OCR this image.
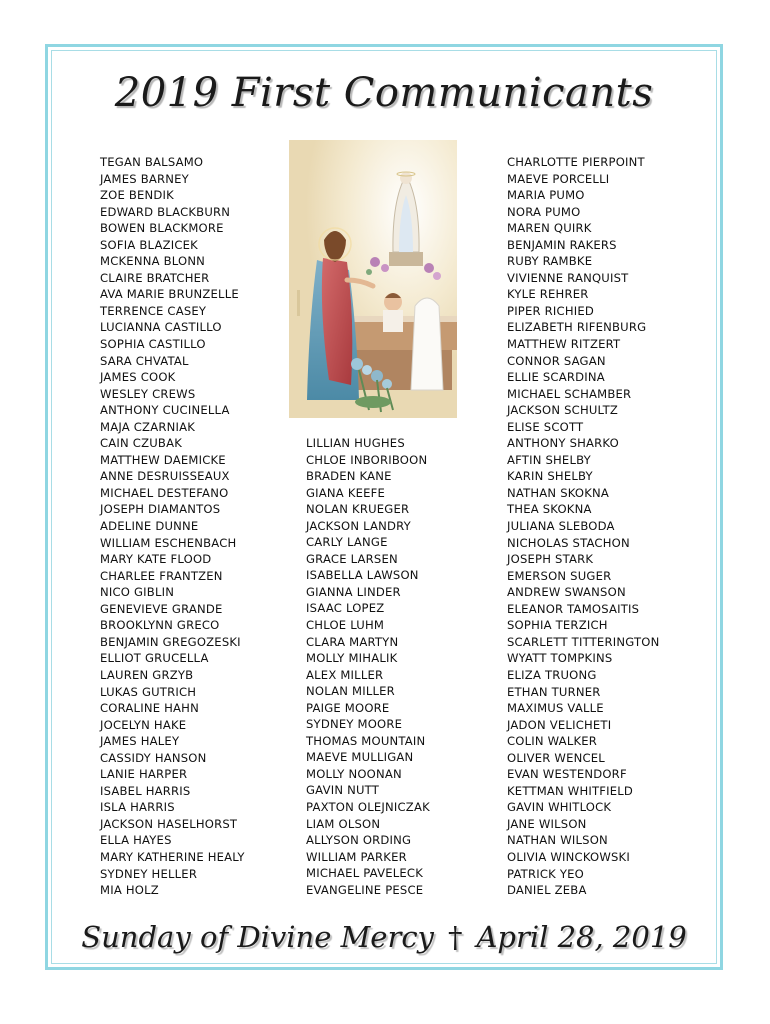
2019 First Communicants
TEGAN BALSAMO
JAMES BARNEY
ZOE BENDIK
EDWARD BLACKBURN
BOWEN BLACKMORE
SOFIA BLAZICEK
MCKENNA BLONN
CLAIRE BRATCHER
AVA MARIE BRUNZELLE
TERRENCE CASEY
LUCIANNA CASTILLO
SOPHIA CASTILLO
SARA CHVATAL
JAMES COOK
WESLEY CREWS
ANTHONY CUCINELLA
MAJA CZARNIAK
CAIN CZUBAK
MATTHEW DAEMICKE
ANNE DESRUISSEAUX
MICHAEL DESTEFANO
JOSEPH DIAMANTOS
ADELINE DUNNE
WILLIAM ESCHENBACH
MARY KATE FLOOD
CHARLEE FRANTZEN
NICO GIBLIN
GENEVIEVE GRANDE
BROOKLYNN GRECO
BENJAMIN GREGOZESKI
ELLIOT GRUCELLA
LAUREN GRZYB
LUKAS GUTRICH
CORALINE HAHN
JOCELYN HAKE
JAMES HALEY
CASSIDY HANSON
LANIE HARPER
ISABEL HARRIS
ISLA HARRIS
JACKSON HASELHORST
ELLA HAYES
MARY KATHERINE HEALY
SYDNEY HELLER
MIA HOLZ
LILLIAN HUGHES
CHLOE INBORIBOON
BRADEN KANE
GIANA KEEFE
NOLAN KRUEGER
JACKSON LANDRY
CARLY LANGE
GRACE LARSEN
ISABELLA LAWSON
GIANNA LINDER
ISAAC LOPEZ
CHLOE LUHM
CLARA MARTYN
MOLLY MIHALIK
ALEX MILLER
NOLAN MILLER
PAIGE MOORE
SYDNEY MOORE
THOMAS MOUNTAIN
MAEVE MULLIGAN
MOLLY NOONAN
GAVIN NUTT
PAXTON OLEJNICZAK
LIAM OLSON
ALLYSON ORDING
WILLIAM PARKER
MICHAEL PAVELECK
EVANGELINE PESCE
CHARLOTTE PIERPOINT
MAEVE PORCELLI
MARIA PUMO
NORA PUMO
MAREN QUIRK
BENJAMIN RAKERS
RUBY RAMBKE
VIVIENNE RANQUIST
KYLE REHRER
PIPER RICHIED
ELIZABETH RIFENBURG
MATTHEW RITZERT
CONNOR SAGAN
ELLIE SCARDINA
MICHAEL SCHAMBER
JACKSON SCHULTZ
ELISE SCOTT
ANTHONY SHARKO
AFTIN SHELBY
KARIN SHELBY
NATHAN SKOKNA
THEA SKOKNA
JULIANA SLEBODA
NICHOLAS STACHON
JOSEPH STARK
EMERSON SUGER
ANDREW SWANSON
ELEANOR TAMOSAITIS
SOPHIA TERZICH
SCARLETT TITTERINGTON
WYATT TOMPKINS
ELIZA TRUONG
ETHAN TURNER
MAXIMUS VALLE
JADON VELICHETI
COLIN WALKER
OLIVER WENCEL
EVAN WESTENDORF
KETTMAN WHITFIELD
GAVIN WHITLOCK
JANE WILSON
NATHAN WILSON
OLIVIA WINCKOWSKI
PATRICK YEO
DANIEL ZEBA
Sunday of Divine Mercy † April 28, 2019
